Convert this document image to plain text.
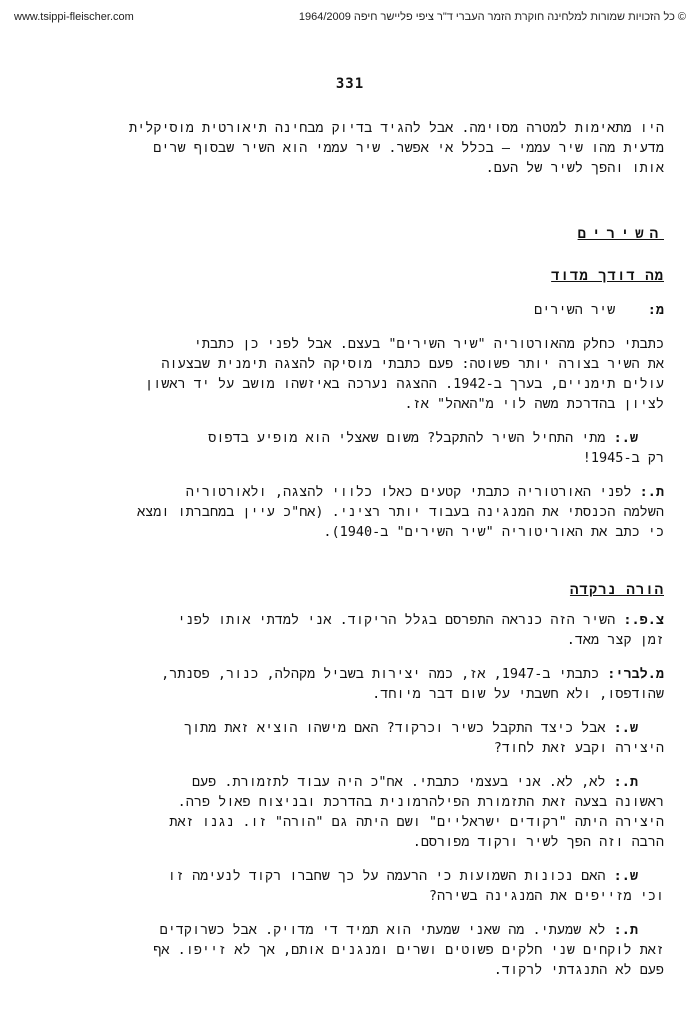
www.tsippi-fleischer.com	© כל הזכויות שמורות למלחינה חוקרת הזמר העברי ד"ר ציפי פליישר חיפה 1964/2009
331

היו מתאימות למטרה מסוימה. אבל להגיד בדיוק מבחינה תיאורטית מוסיקלית

מדעית מהו שיר עממי – בכלל אי אפשר. שיר עממי הוא השיר שבסוף שרים

אותו והפך לשיר של העם.

השירים

מה דודך מדוד

מ:    שיר השירים

כתבתי כחלק מהאורטוריה "שיר השירים" בעצם. אבל לפני כן כתבתי

את השיר בצורה יותר פשוטה: פעם כתבתי מוסיקה להצגה תימנית שבצעוה

עולים תימניים, בערך ב-1942. ההצגה נערכה באיזשהו מושב על יד ראשון

לציון בהדרכת משה לוי מ"האהל" אז.

ש.: מתי התחיל השיר להתקבל? משום שאצלי הוא מופיע בדפוס

רק ב-1945!

ת.: לפני האורטוריה כתבתי קטעים כאלו כלווי להצגה, ולאורטוריה

השלמה הכנסתי את המנגינה בעבוד יותר רציני. (אח"כ עיין במחברתו ומצא

כי כתב את האוריטוריה "שיר השירים" ב-1940).

הורה נרקדה

צ.פ.: השיר הזה כנראה התפרסם בגלל הריקוד. אני למדתי אותו לפני

זמן קצר מאד.

מ.לברי: כתבתי ב-1947, אז, כמה יצירות בשביל מקהלה, כנור, פסנתר,

שהודפסו, ולא חשבתי על שום דבר מיוחד.

ש.: אבל כיצד התקבל כשיר וכרקוד? האם מישהו הוציא זאת מתוך

היצירה וקבע זאת לחוד?

ת.: לא, לא. אני בעצמי כתבתי. אח"כ היה עבוד לתזמורת. פעם

ראשונה בצעה זאת התזמורת הפילהרמונית בהדרכת ובניצוח פאול פרה.

היצירה היתה "רקודים ישראליים" ושם היתה גם "הורה" זו. נגנו זאת

הרבה וזה הפך לשיר ורקוד מפורסם.

ש.: האם נכונות השמועות כי הרעמה על כך שחברו רקוד לנעימה זו

וכי מזייפים את המנגינה בשירה?

ת.: לא שמעתי. מה שאני שמעתי הוא תמיד די מדויק. אבל כשרוקדים

זאת לוקחים שני חלקים פשוטים ושרים ומנגנים אותם, אך לא זייפו. אף

פעם לא התנגדתי לרקוד.
